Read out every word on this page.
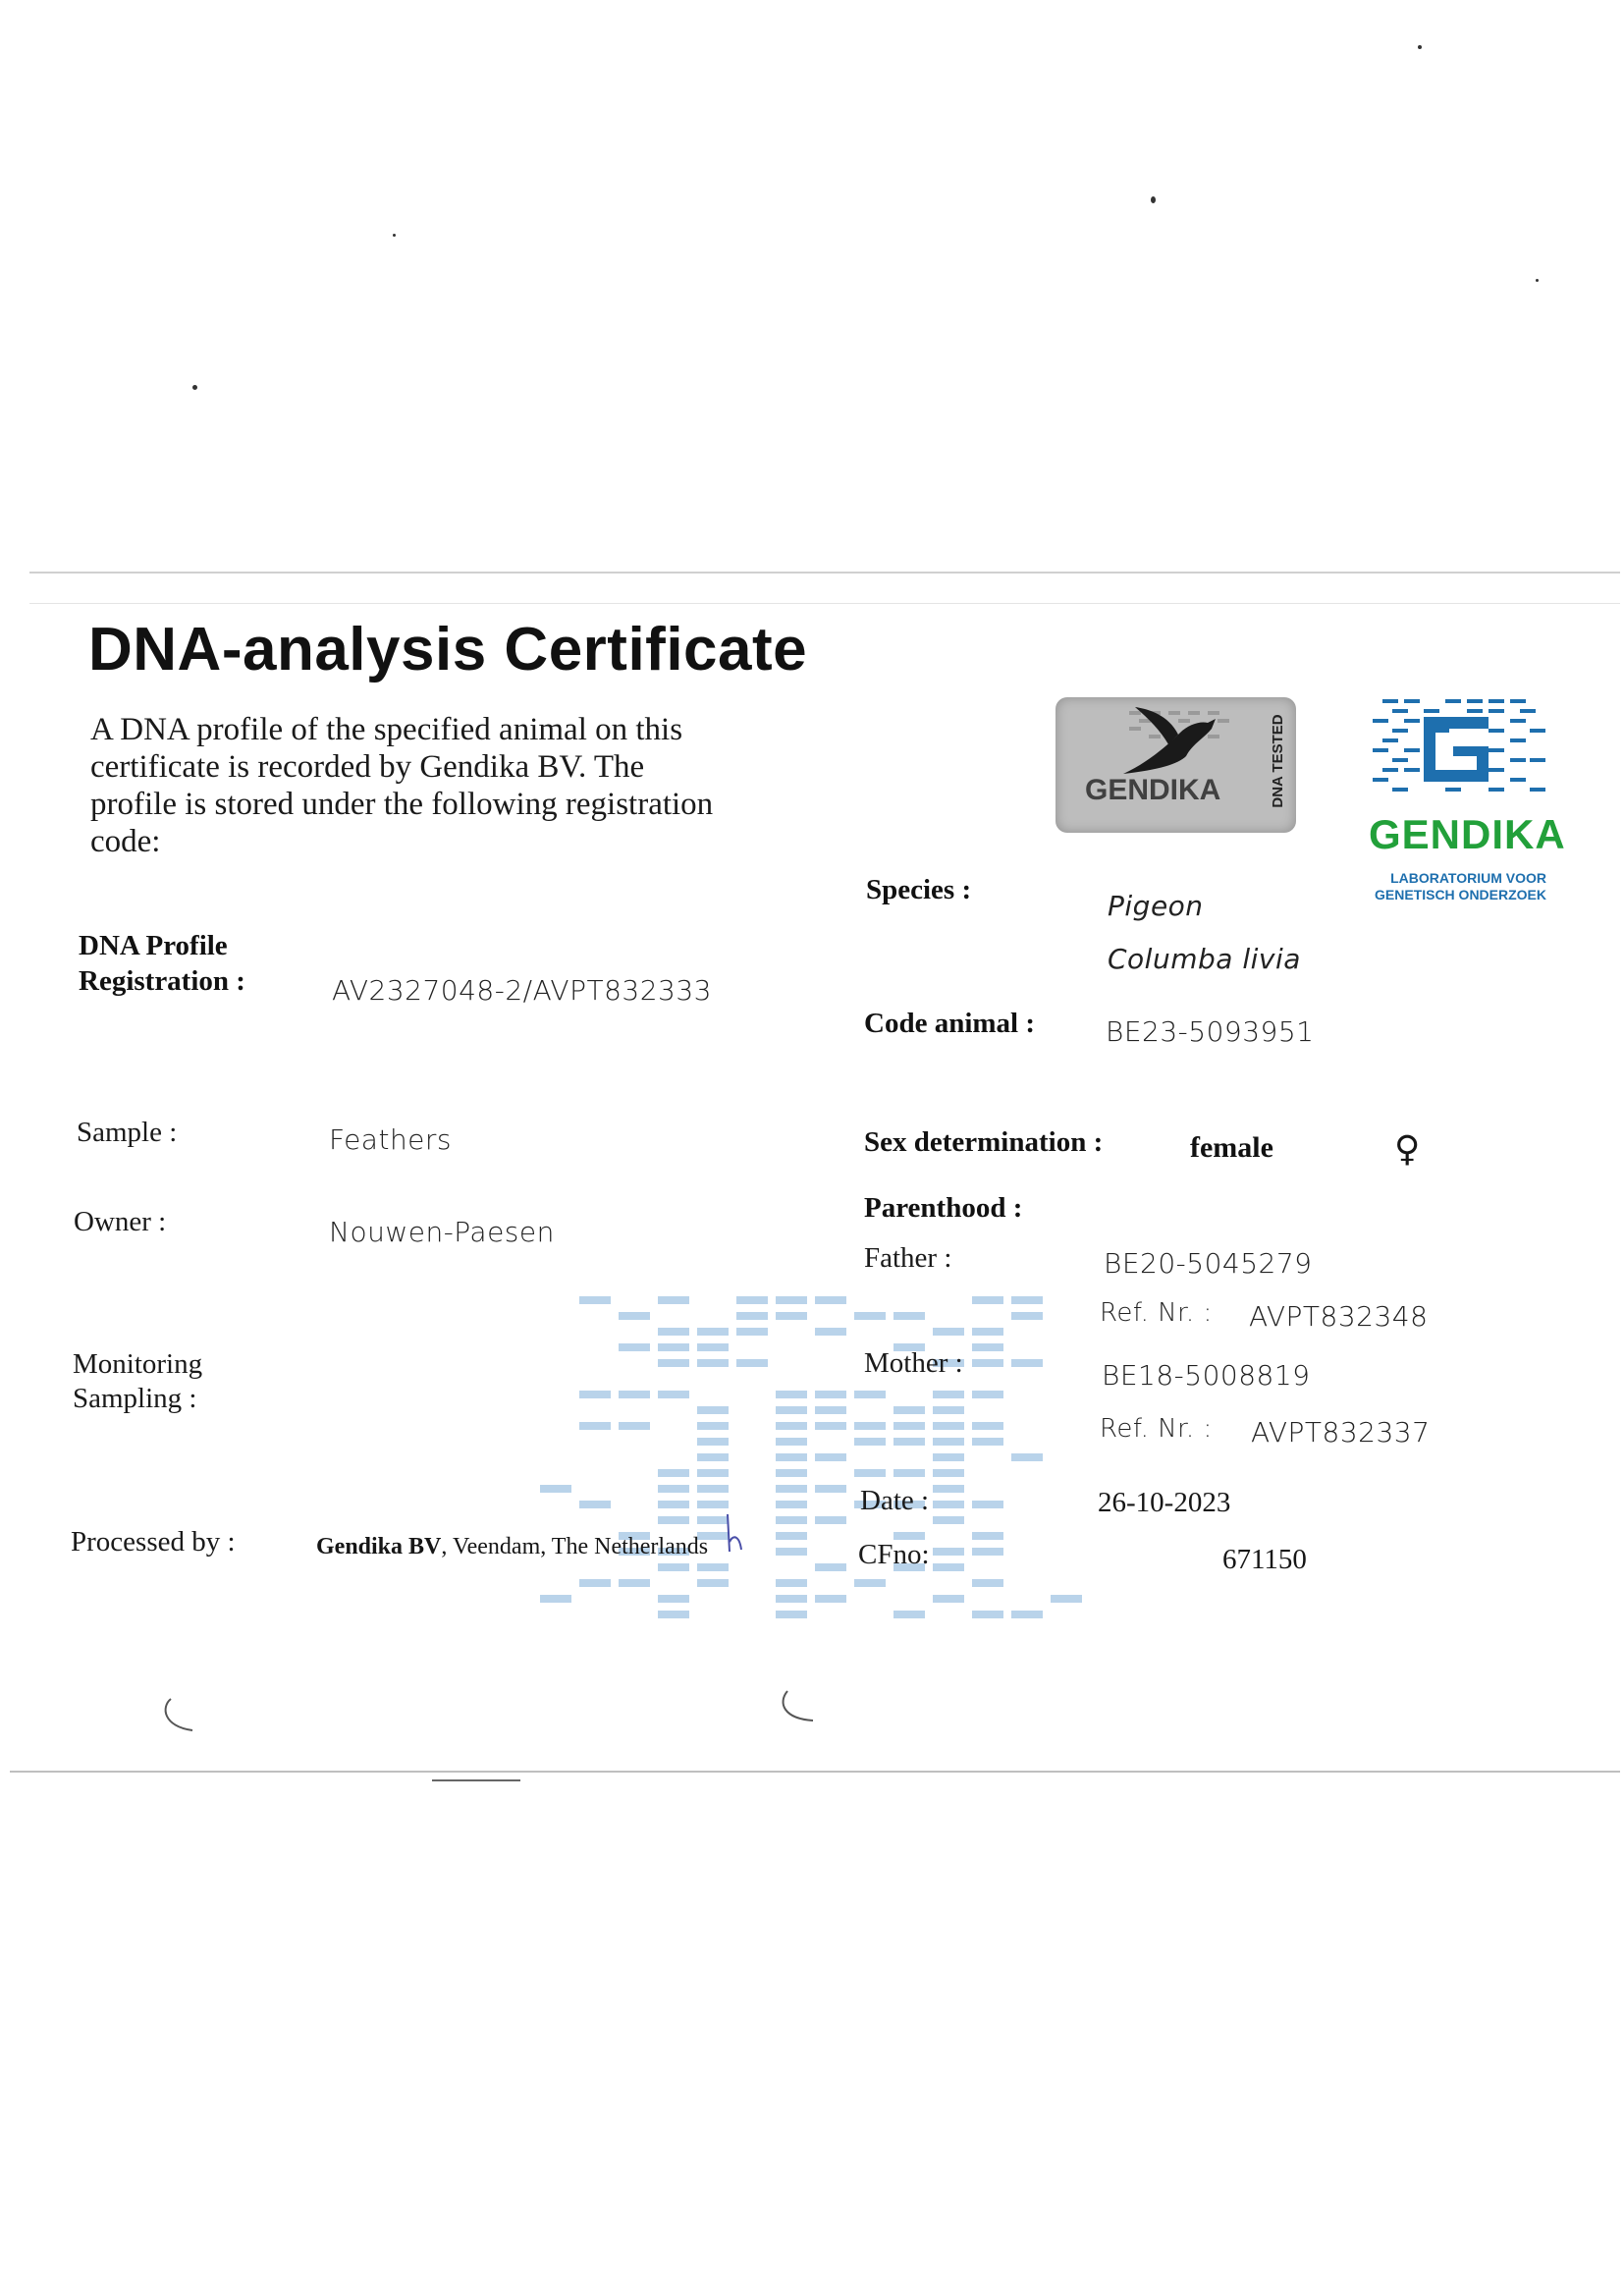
DNA-analysis Certificate
A DNA profile of the specified animal on this certificate is recorded by Gendika BV. The profile is stored under the following registration code:
GENDIKA	DNA TESTED
GENDIKA
LABORATORIUM VOOR
GENETISCH ONDERZOEK
DNA Profile
Registration :	AV2327048-2/AVPT832333
Species :	Pigeon
Columba livia
Code animal :	BE23-5093951
Sample :	Feathers	Sex determination :	female	♀
Owner :	Nouwen-Paesen
Parenthood :
Father :	BE20-5045279
Ref. Nr. : AVPT832348
Monitoring
Sampling :
Mother :	BE18-5008819
Ref. Nr. : AVPT832337
Processed by :	Gendika BV, Veendam, The Netherlands
Date :	26-10-2023
CFno:	671150
